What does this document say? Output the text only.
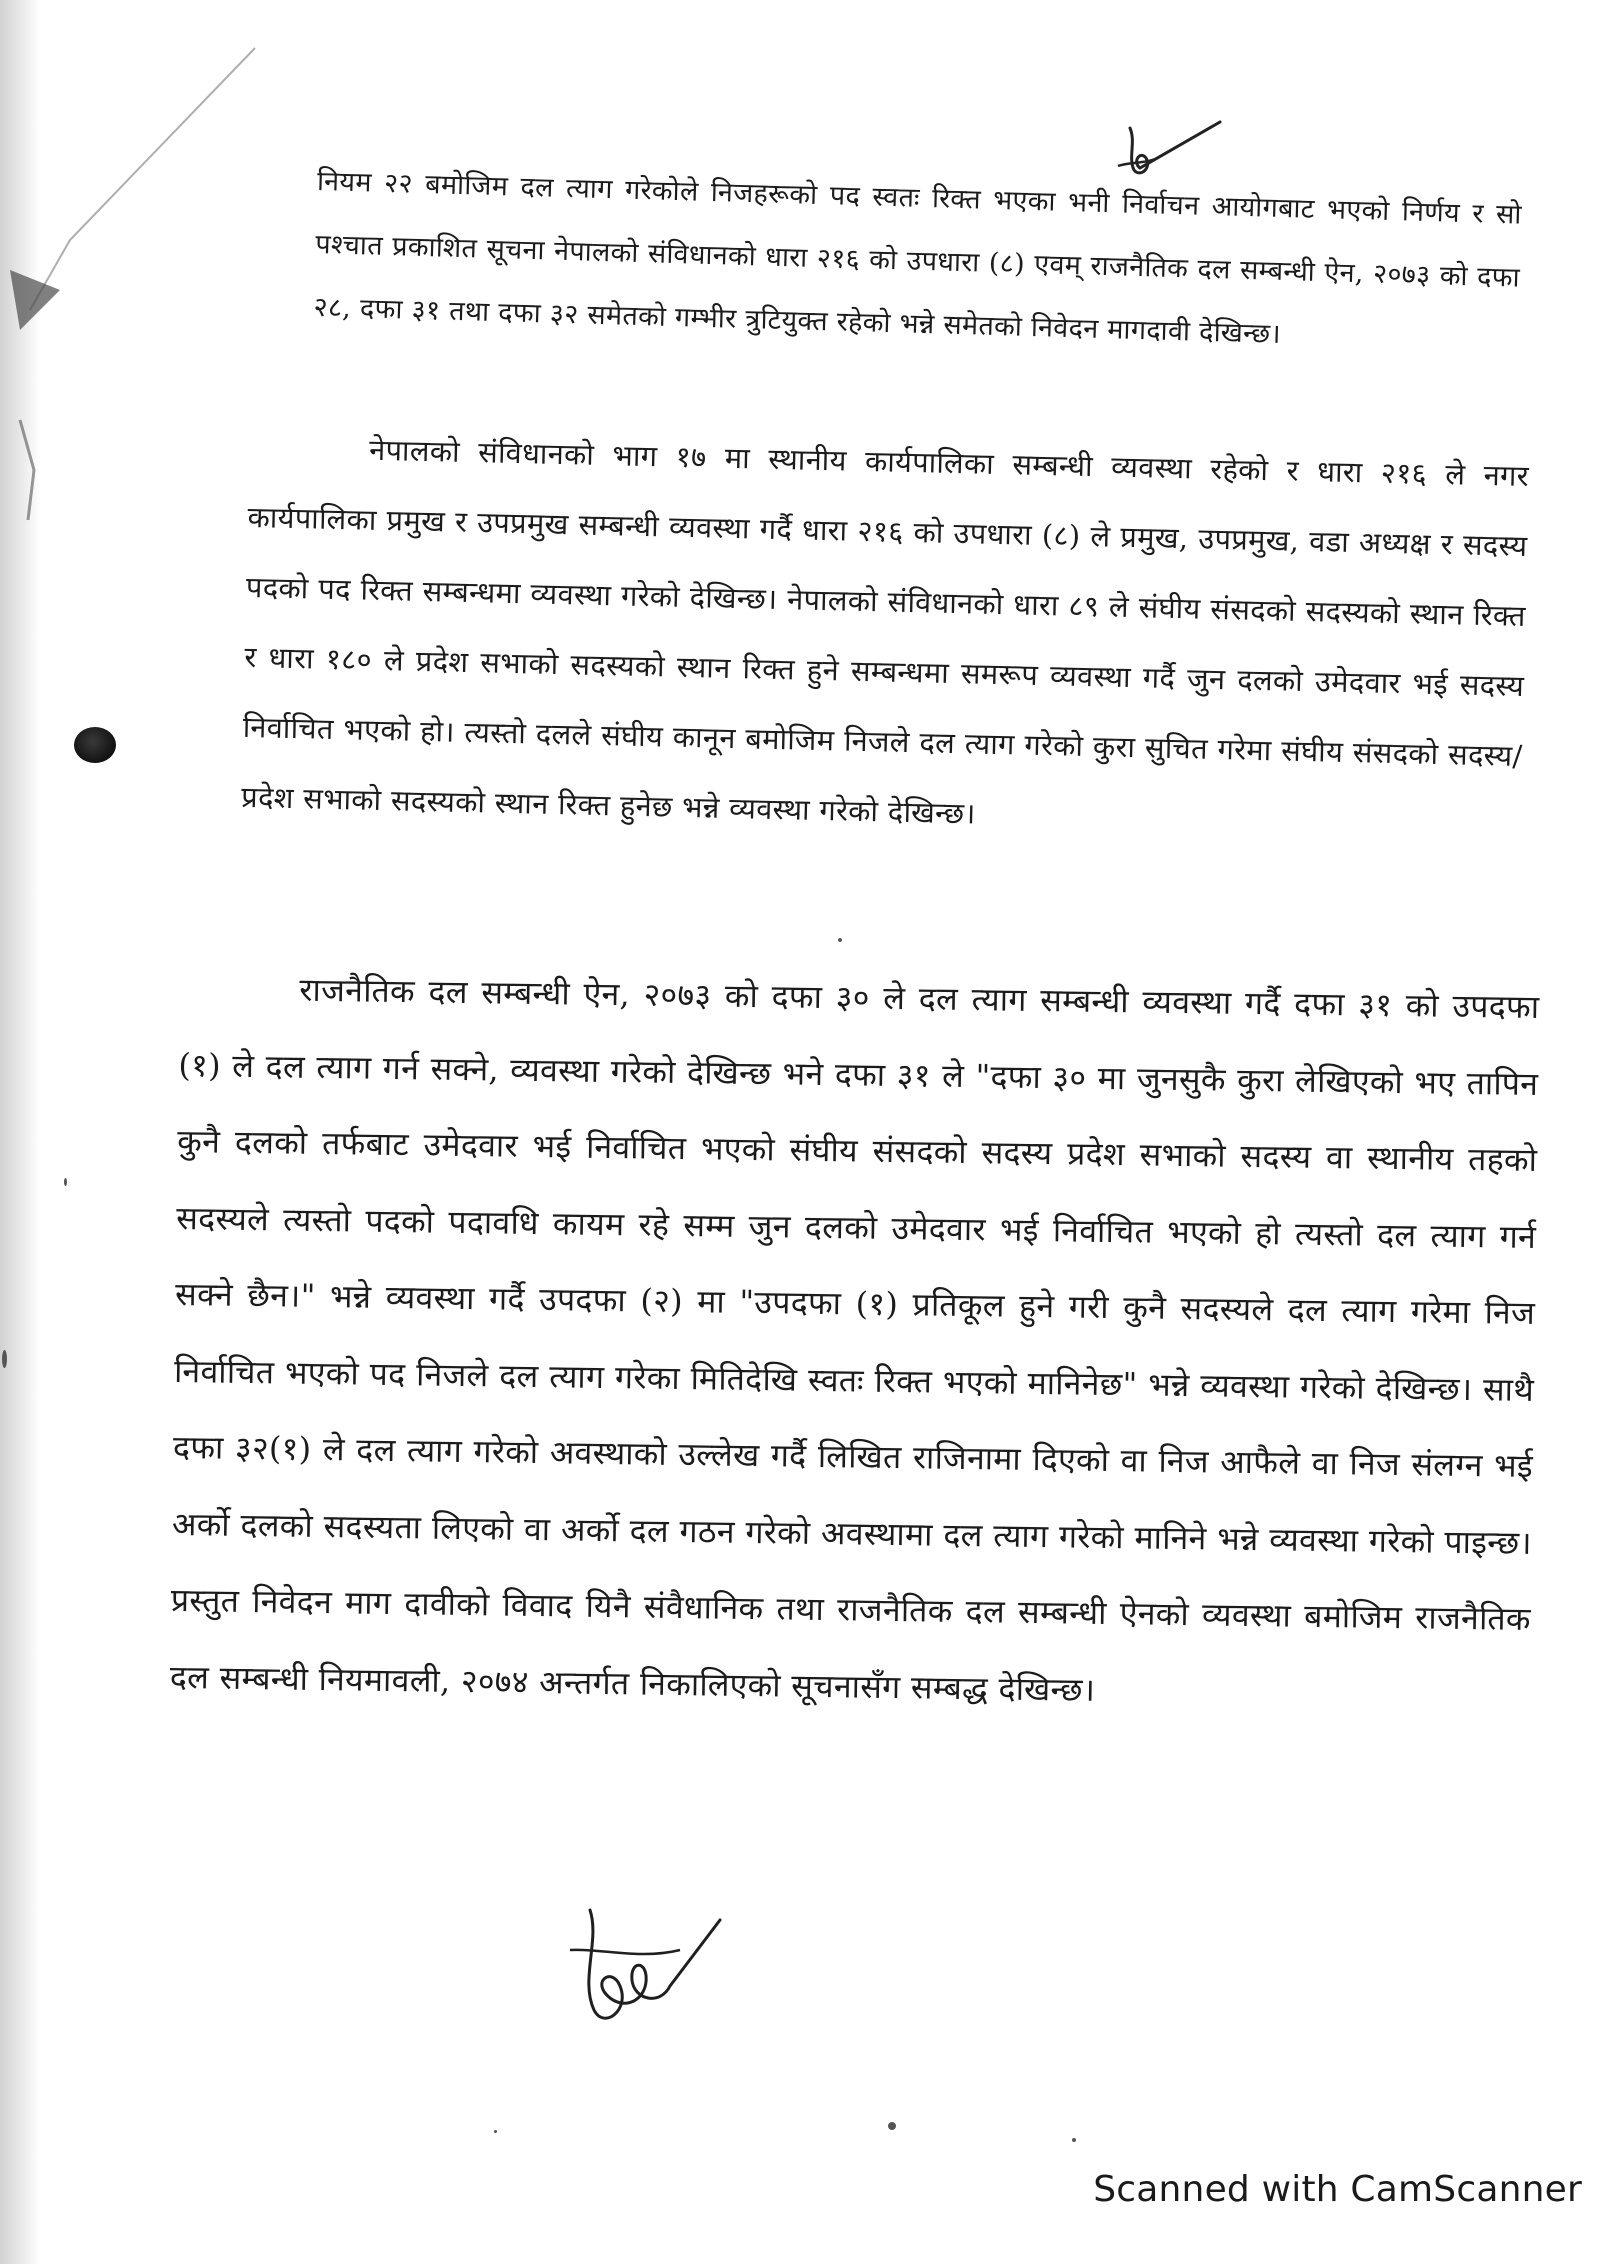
नियम २२ बमोजिम दल त्याग गरेकोले निजहरूको पद स्वतः रिक्त भएका भनी निर्वाचन आयोगबाट भएको निर्णय र सो पश्चात प्रकाशित सूचना नेपालको संविधानको धारा २१६ को उपधारा (८) एवम् राजनैतिक दल सम्बन्धी ऐन, २०७३ को दफा २८, दफा ३१ तथा दफा ३२ समेतको गम्भीर त्रुटियुक्त रहेको भन्ने समेतको निवेदन मागदावी देखिन्छ।

नेपालको संविधानको भाग १७ मा स्थानीय कार्यपालिका सम्बन्धी व्यवस्था रहेको र धारा २१६ ले नगर कार्यपालिका प्रमुख र उपप्रमुख सम्बन्धी व्यवस्था गर्दै धारा २१६ को उपधारा (८) ले प्रमुख, उपप्रमुख, वडा अध्यक्ष र सदस्य पदको पद रिक्त सम्बन्धमा व्यवस्था गरेको देखिन्छ। नेपालको संविधानको धारा ८९ ले संघीय संसदको सदस्यको स्थान रिक्त र धारा १८० ले प्रदेश सभाको सदस्यको स्थान रिक्त हुने सम्बन्धमा समरूप व्यवस्था गर्दै जुन दलको उमेदवार भई सदस्य निर्वाचित भएको हो। त्यस्तो दलले संघीय कानून बमोजिम निजले दल त्याग गरेको कुरा सुचित गरेमा संघीय संसदको सदस्य/प्रदेश सभाको सदस्यको स्थान रिक्त हुनेछ भन्ने व्यवस्था गरेको देखिन्छ।

राजनैतिक दल सम्बन्धी ऐन, २०७३ को दफा ३० ले दल त्याग सम्बन्धी व्यवस्था गर्दै दफा ३१ को उपदफा (१) ले दल त्याग गर्न सक्ने, व्यवस्था गरेको देखिन्छ भने दफा ३१ ले "दफा ३० मा जुनसुकै कुरा लेखिएको भए तापिन कुनै दलको तर्फबाट उमेदवार भई निर्वाचित भएको संघीय संसदको सदस्य प्रदेश सभाको सदस्य वा स्थानीय तहको सदस्यले त्यस्तो पदको पदावधि कायम रहे सम्म जुन दलको उमेदवार भई निर्वाचित भएको हो त्यस्तो दल त्याग गर्न सक्ने छैन।" भन्ने व्यवस्था गर्दै उपदफा (२) मा "उपदफा (१) प्रतिकूल हुने गरी कुनै सदस्यले दल त्याग गरेमा निज निर्वाचित भएको पद निजले दल त्याग गरेका मितिदेखि स्वतः रिक्त भएको मानिनेछ" भन्ने व्यवस्था गरेको देखिन्छ। साथै दफा ३२(१) ले दल त्याग गरेको अवस्थाको उल्लेख गर्दै लिखित राजिनामा दिएको वा निज आफैले वा निज संलग्न भई अर्को दलको सदस्यता लिएको वा अर्को दल गठन गरेको अवस्थामा दल त्याग गरेको मानिने भन्ने व्यवस्था गरेको पाइन्छ। प्रस्तुत निवेदन माग दावीको विवाद यिनै संवैधानिक तथा राजनैतिक दल सम्बन्धी ऐनको व्यवस्था बमोजिम राजनैतिक दल सम्बन्धी नियमावली, २०७४ अन्तर्गत निकालिएको सूचनासँग सम्बद्ध देखिन्छ।

Scanned with CamScanner
